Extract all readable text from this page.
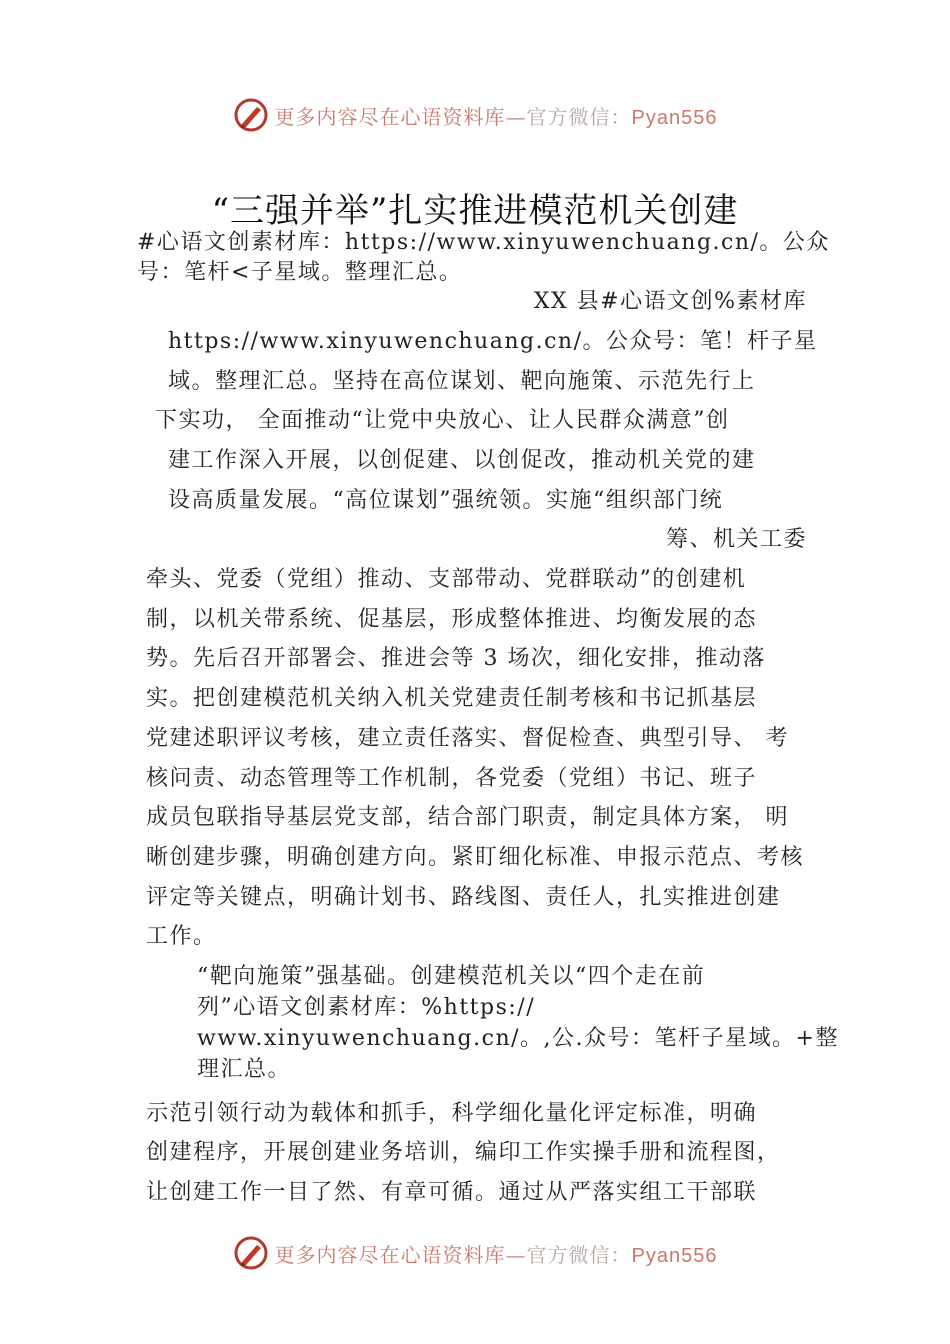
更多内容尽在心语资料库—官方微信：Pyan556
“三强并举”扎实推进模范机关创建
#心语文创素材库：https://www.xinyuwenchuang.cn/。公众
号：笔杆<子星域。整理汇总。
XX 县#心语文创%素材库
https://www.xinyuwenchuang.cn/。公众号：笔！杆子星
域。整理汇总。坚持在高位谋划、靶向施策、示范先行上
下实功， 全面推动“让党中央放心、让人民群众满意”创
建工作深入开展，以创促建、以创促改，推动机关党的建
设高质量发展。“高位谋划”强统领。实施“组织部门统
筹、机关工委
牵头、党委（党组）推动、支部带动、党群联动”的创建机
制，以机关带系统、促基层，形成整体推进、均衡发展的态
势。先后召开部署会、推进会等 3 场次，细化安排，推动落
实。把创建模范机关纳入机关党建责任制考核和书记抓基层
党建述职评议考核，建立责任落实、督促检查、典型引导、 考
核问责、动态管理等工作机制，各党委（党组）书记、班子
成员包联指导基层党支部，结合部门职责，制定具体方案， 明
晰创建步骤，明确创建方向。紧盯细化标准、申报示范点、考核
评定等关键点，明确计划书、路线图、责任人，扎实推进创建
工作。
“靶向施策”强基础。创建模范机关以“四个走在前
列”心语文创素材库：%https://
www.xinyuwenchuang.cn/。,公.众号：笔杆子星域。+整
理汇总。
示范引领行动为载体和抓手，科学细化量化评定标准，明确
创建程序，开展创建业务培训，编印工作实操手册和流程图，
让创建工作一目了然、有章可循。通过从严落实组工干部联
更多内容尽在心语资料库—官方微信：Pyan556
